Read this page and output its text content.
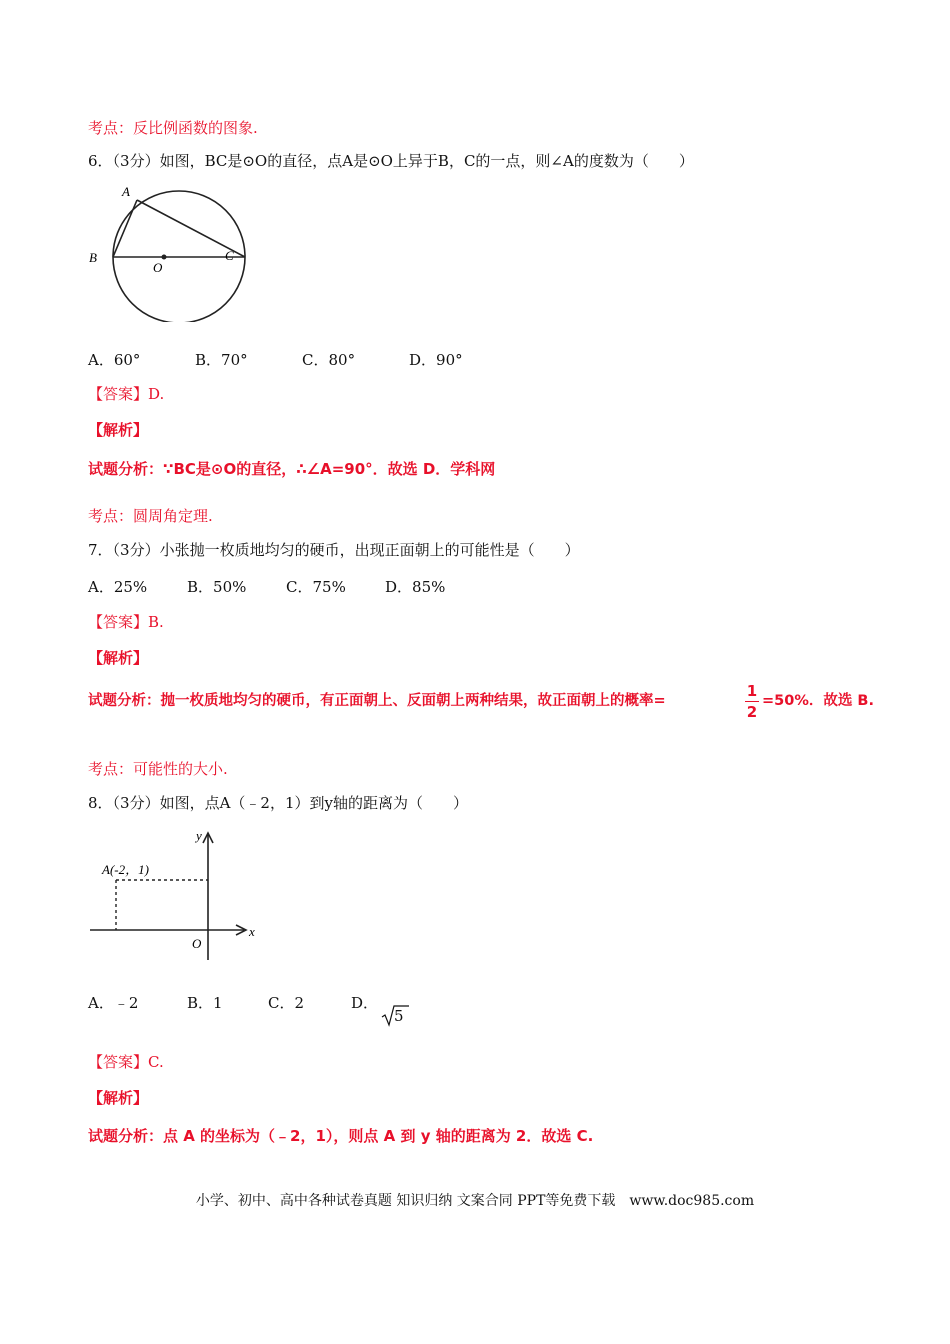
考点：反比例函数的图象.
6．（3分）如图，BC是⊙O的直径，点A是⊙O上异于B，C的一点，则∠A的度数为（　　）
A
B	C
O
A．60°	B．70°	C．80°	D．90°
【答案】D.
【解析】
试题分析：∵BC是⊙O的直径，∴∠A=90°．故选 D．学科网
考点：圆周角定理.
7．（3分）小张抛一枚质地均匀的硬币，出现正面朝上的可能性是（　　）
A．25%	B．50%	C．75%	D．85%
【答案】B.
【解析】
试题分析：抛一枚质地均匀的硬币，有正面朝上、反面朝上两种结果，故正面朝上的概率=
1
2
=50%．故选 B.
考点：可能性的大小.
8．（3分）如图，点A（﹣2，1）到y轴的距离为（　　）
A(-2，1)
y
x
O
A．﹣2	B．1	C．2	D．
5
【答案】C.
【解析】
试题分析：点 A 的坐标为（﹣2，1），则点 A 到 y 轴的距离为 2．故选 C.
小学、初中、高中各种试卷真题 知识归纳 文案合同 PPT等免费下载　www.doc985.com
